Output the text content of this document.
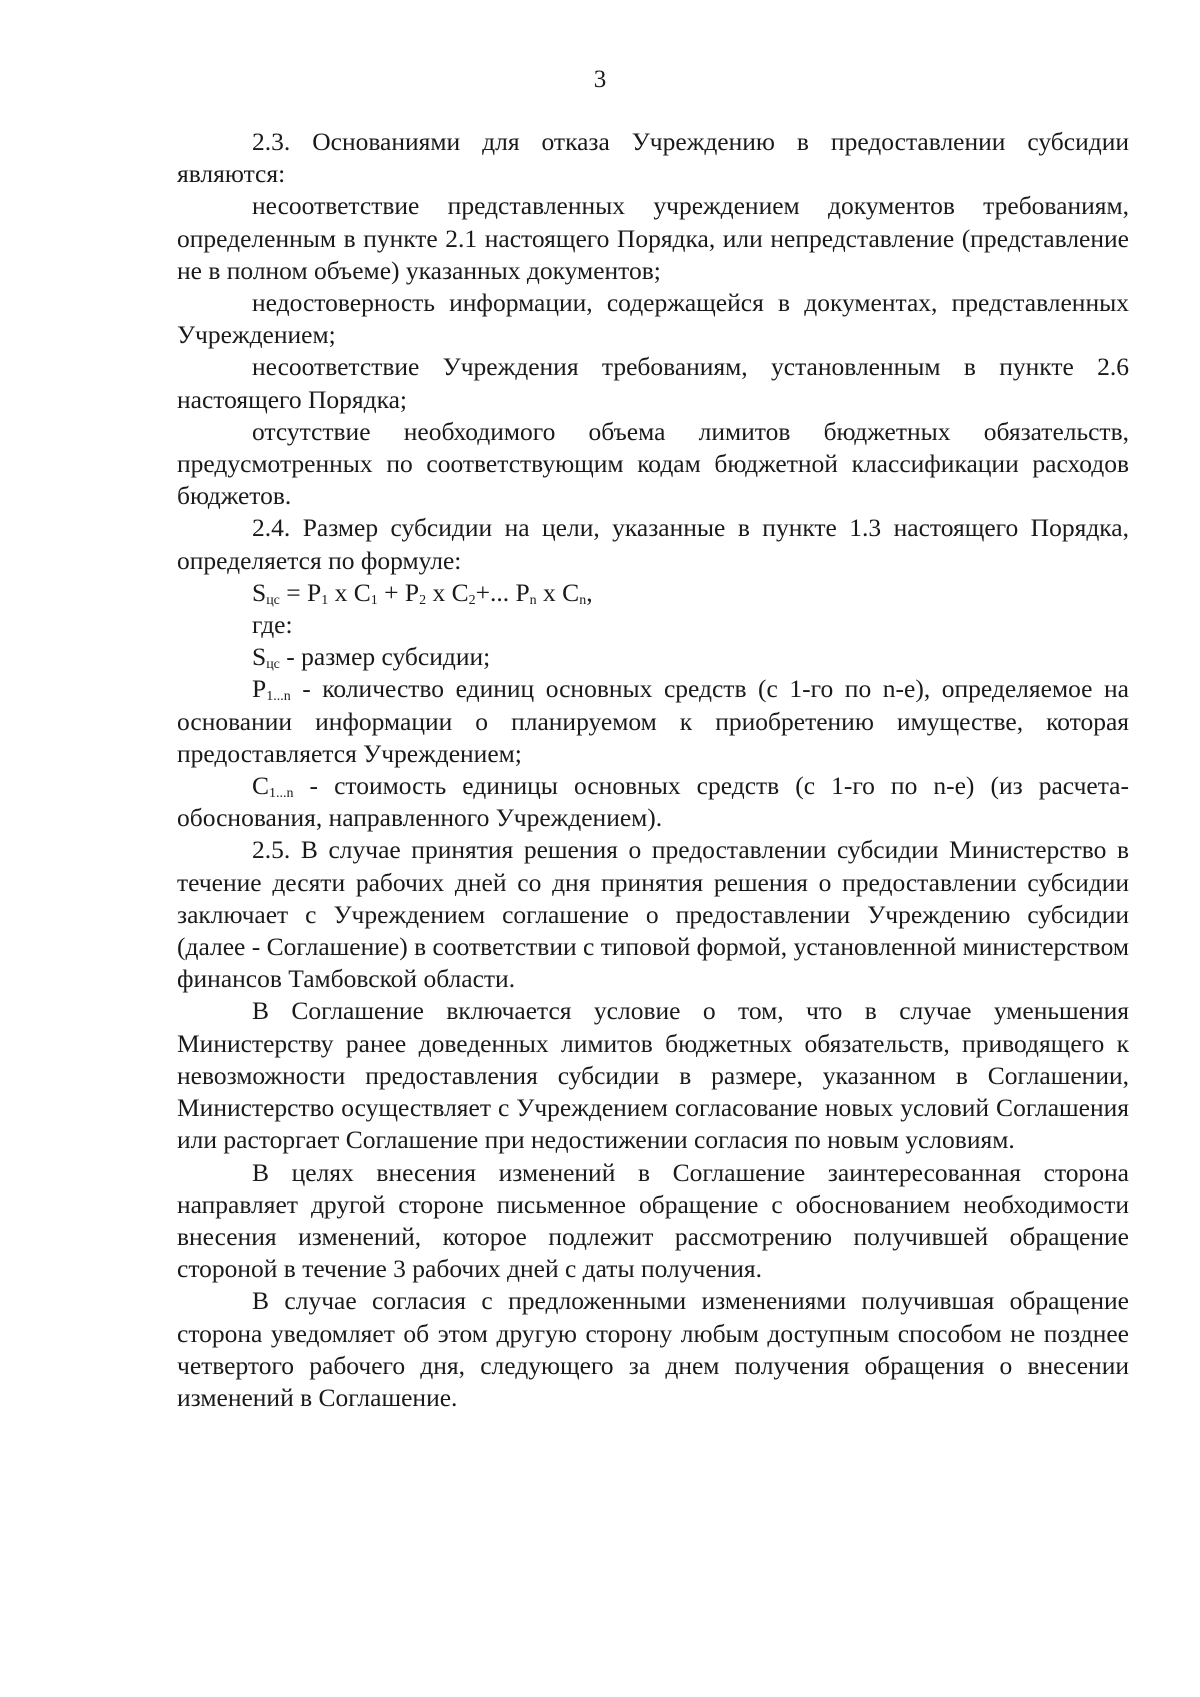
3

2.3. Основаниями для отказа Учреждению в предоставлении субсидии являются:

несоответствие представленных учреждением документов требованиям, определенным в пункте 2.1 настоящего Порядка, или непредставление (представление не в полном объеме) указанных документов;

недостоверность информации, содержащейся в документах, представленных Учреждением;

несоответствие Учреждения требованиям, установленным в пункте 2.6 настоящего Порядка;

отсутствие необходимого объема лимитов бюджетных обязательств, предусмотренных по соответствующим кодам бюджетной классификации расходов бюджетов.

2.4. Размер субсидии на цели, указанные в пункте 1.3 настоящего Порядка, определяется по формуле:

$S_{цс} = P_1$ x $C_1 + P_2$ x $C_2+$... $P_n$ x $C_n$,

где:

$S_{цс}$ - размер субсидии;

$P_{1...n}$ - количество единиц основных средств (с 1-го по n-е), определяемое на основании информации о планируемом к приобретению имуществе, которая предоставляется Учреждением;

$C_{1...n}$ - стоимость единицы основных средств (с 1-го по n-е) (из расчета-обоснования, направленного Учреждением).

2.5. В случае принятия решения о предоставлении субсидии Министерство в течение десяти рабочих дней со дня принятия решения о предоставлении субсидии заключает с Учреждением соглашение о предоставлении Учреждению субсидии (далее - Соглашение) в соответствии с типовой формой, установленной министерством финансов Тамбовской области.

В Соглашение включается условие о том, что в случае уменьшения Министерству ранее доведенных лимитов бюджетных обязательств, приводящего к невозможности предоставления субсидии в размере, указанном в Соглашении, Министерство осуществляет с Учреждением согласование новых условий Соглашения или расторгает Соглашение при недостижении согласия по новым условиям.

В целях внесения изменений в Соглашение заинтересованная сторона направляет другой стороне письменное обращение с обоснованием необходимости внесения изменений, которое подлежит рассмотрению получившей обращение стороной в течение 3 рабочих дней с даты получения.

В случае согласия с предложенными изменениями получившая обращение сторона уведомляет об этом другую сторону любым доступным способом не позднее четвертого рабочего дня, следующего за днем получения обращения о внесении изменений в Соглашение.
